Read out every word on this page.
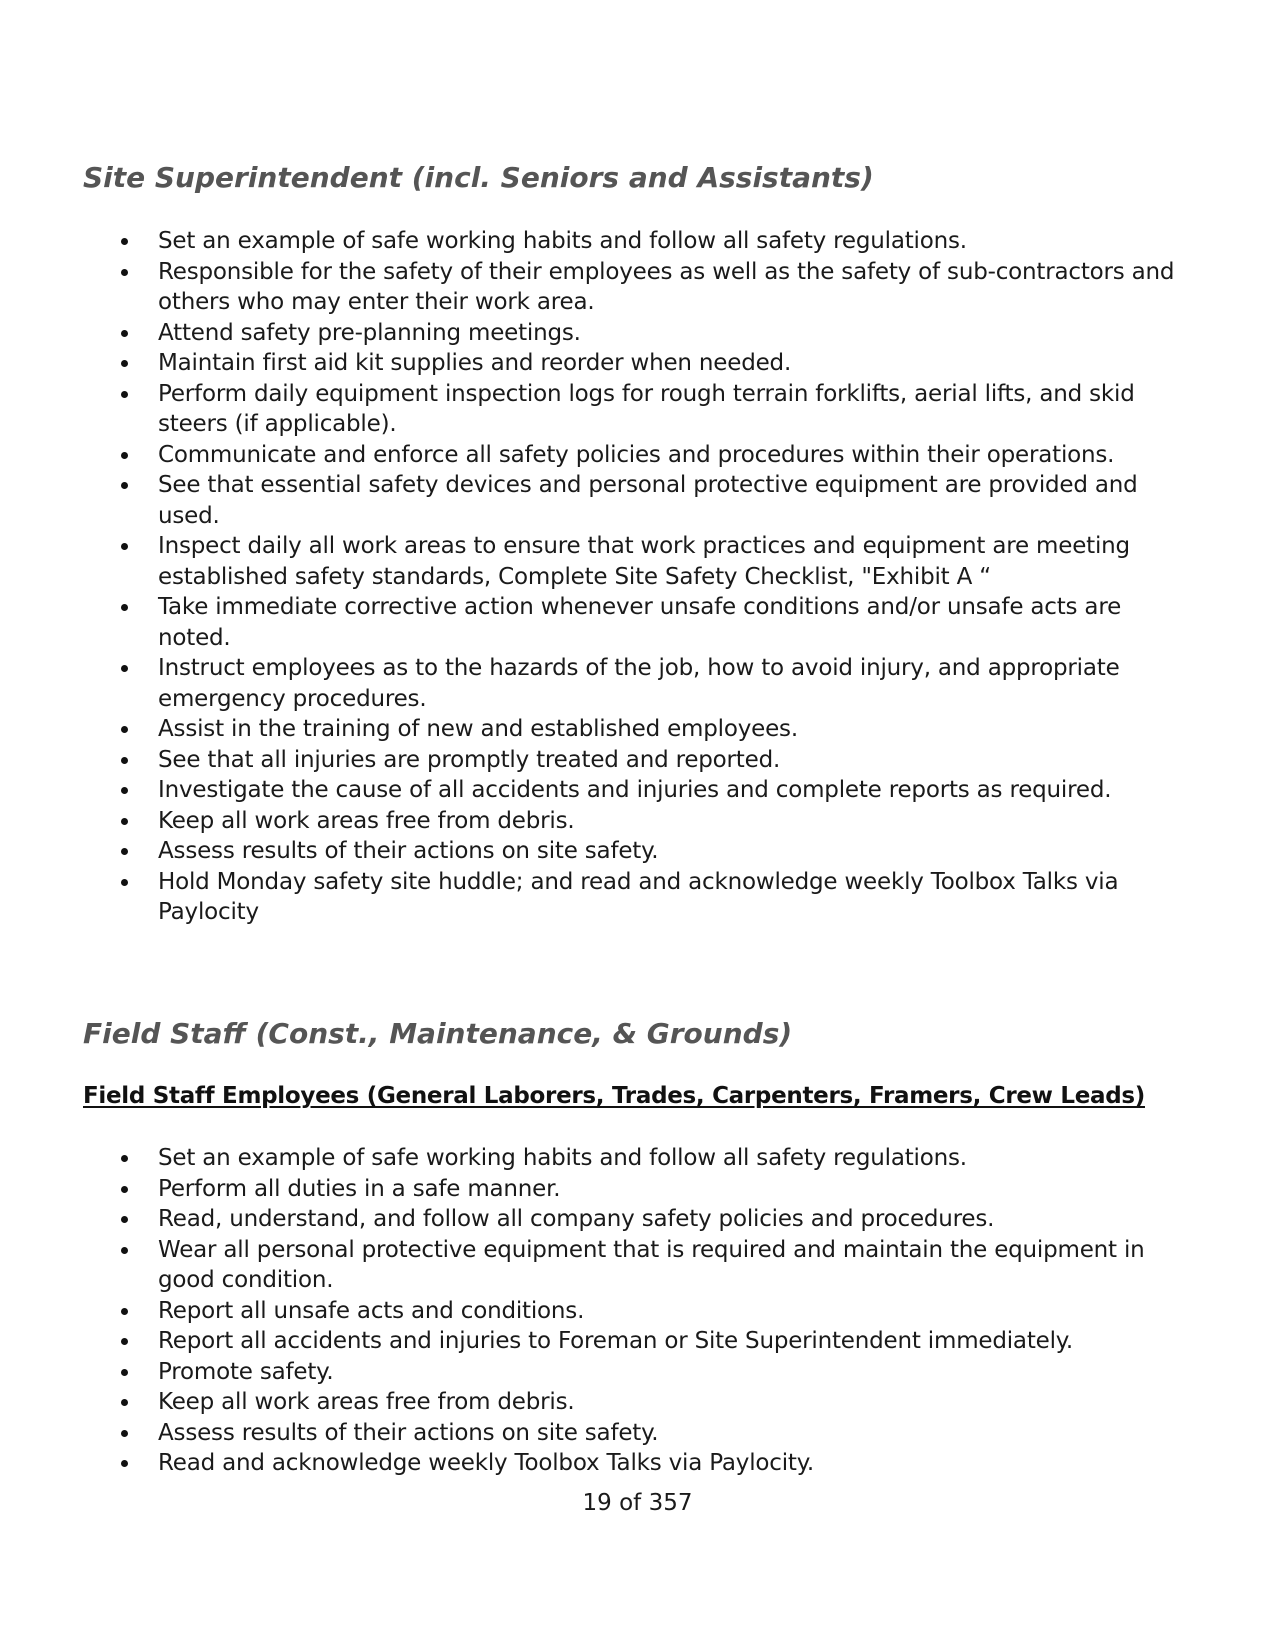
Site Superintendent (incl. Seniors and Assistants)
Set an example of safe working habits and follow all safety regulations.
Responsible for the safety of their employees as well as the safety of sub-contractors and others who may enter their work area.
Attend safety pre-planning meetings.
Maintain first aid kit supplies and reorder when needed.
Perform daily equipment inspection logs for rough terrain forklifts, aerial lifts, and skid steers (if applicable).
Communicate and enforce all safety policies and procedures within their operations.
See that essential safety devices and personal protective equipment are provided and used.
Inspect daily all work areas to ensure that work practices and equipment are meeting established safety standards, Complete Site Safety Checklist, "Exhibit A “
Take immediate corrective action whenever unsafe conditions and/or unsafe acts are noted.
Instruct employees as to the hazards of the job, how to avoid injury, and appropriate emergency procedures.
Assist in the training of new and established employees.
See that all injuries are promptly treated and reported.
Investigate the cause of all accidents and injuries and complete reports as required.
Keep all work areas free from debris.
Assess results of their actions on site safety.
Hold Monday safety site huddle; and read and acknowledge weekly Toolbox Talks via Paylocity
Field Staff (Const., Maintenance, & Grounds)
Field Staff Employees (General Laborers, Trades, Carpenters, Framers, Crew Leads)
Set an example of safe working habits and follow all safety regulations.
Perform all duties in a safe manner.
Read, understand, and follow all company safety policies and procedures.
Wear all personal protective equipment that is required and maintain the equipment in good condition.
Report all unsafe acts and conditions.
Report all accidents and injuries to Foreman or Site Superintendent immediately.
Promote safety.
Keep all work areas free from debris.
Assess results of their actions on site safety.
Read and acknowledge weekly Toolbox Talks via Paylocity.
19 of 357
